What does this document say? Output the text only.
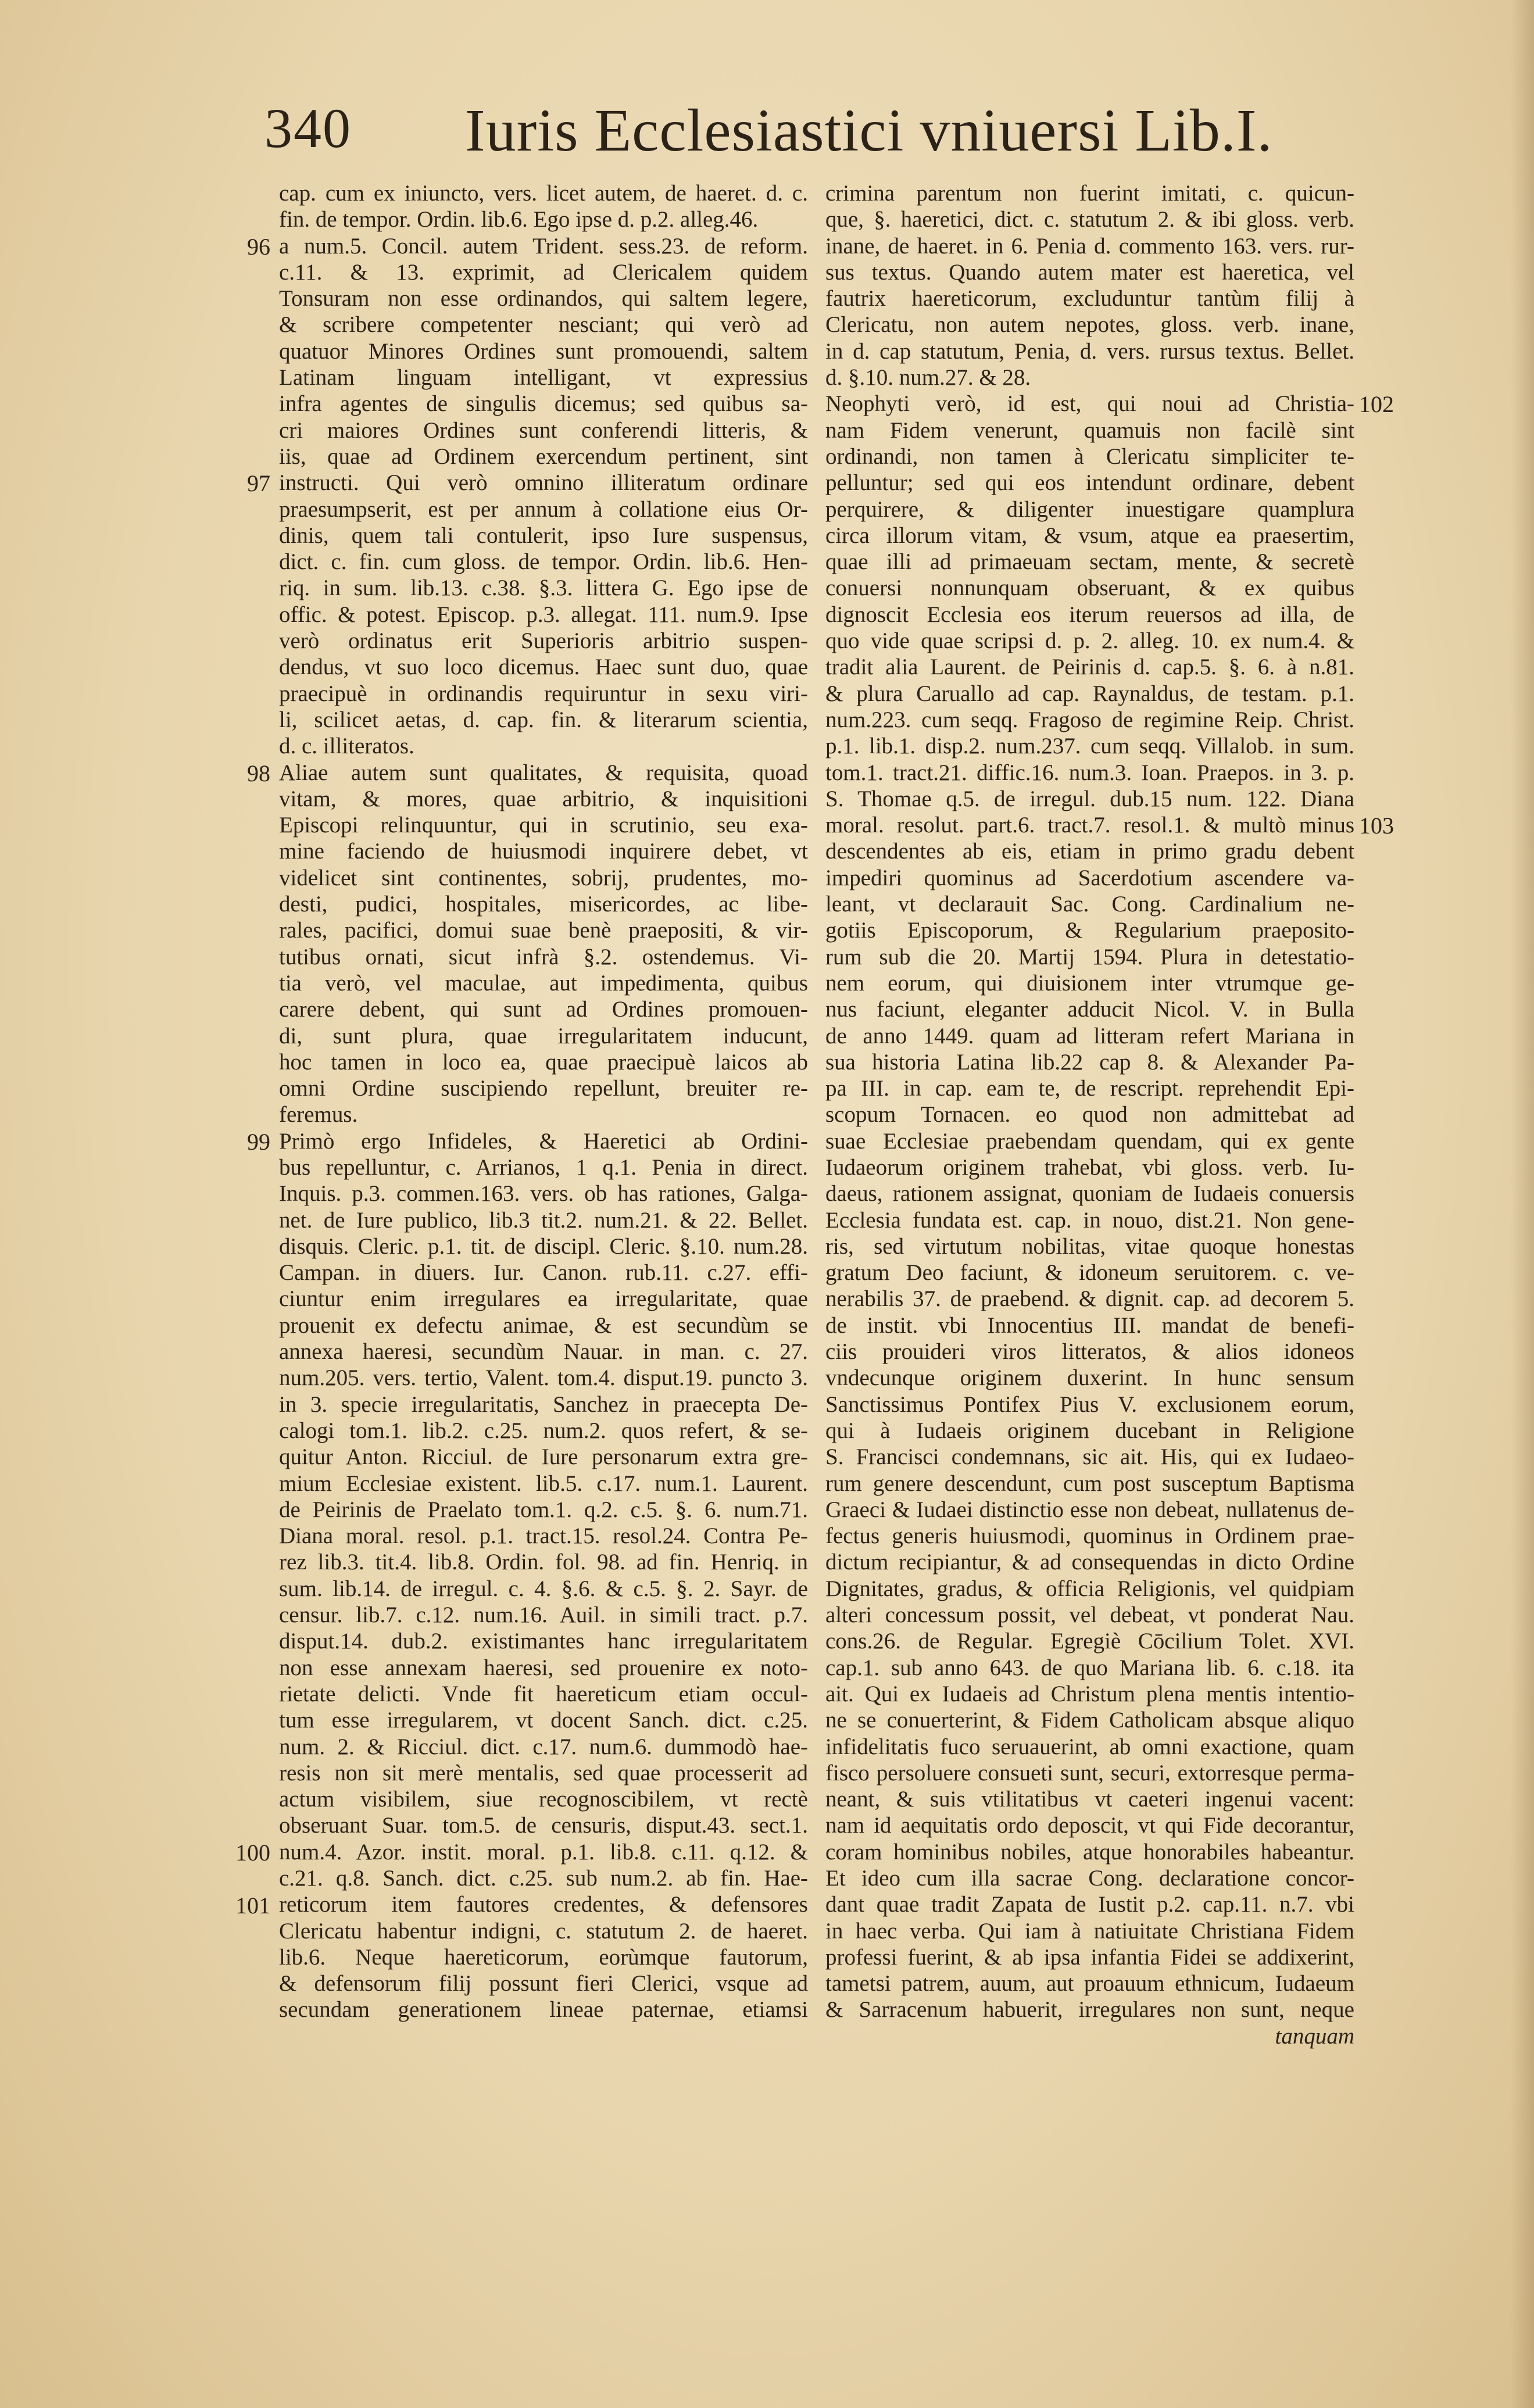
340 Iuris Ecclesiastici vniuersi Lib.I.
cap. cum ex iniuncto, vers. licet autem, de haeret. d. c.
fin. de tempor. Ordin. lib.6. Ego ipse d. p.2. alleg.46.
a num.5. Concil. autem Trident. sess.23. de reform.
c.11. & 13. exprimit, ad Clericalem quidem
Tonsuram non esse ordinandos, qui saltem legere,
& scribere competenter nesciant; qui verò ad
quatuor Minores Ordines sunt promouendi, saltem
Latinam linguam intelligant, vt expressius
infra agentes de singulis dicemus; sed quibus sa-
cri maiores Ordines sunt conferendi litteris, &
iis, quae ad Ordinem exercendum pertinent, sint
instructi. Qui verò omnino illiteratum ordinare
praesumpserit, est per annum à collatione eius Or-
dinis, quem tali contulerit, ipso Iure suspensus,
dict. c. fin. cum gloss. de tempor. Ordin. lib.6. Hen-
riq. in sum. lib.13. c.38. §.3. littera G. Ego ipse de
offic. & potest. Episcop. p.3. allegat. 111. num.9. Ipse
verò ordinatus erit Superioris arbitrio suspen-
dendus, vt suo loco dicemus. Haec sunt duo, quae
praecipuè in ordinandis requiruntur in sexu viri-
li, scilicet aetas, d. cap. fin. & literarum scientia,
d. c. illiteratos.
Aliae autem sunt qualitates, & requisita, quoad
vitam, & mores, quae arbitrio, & inquisitioni
Episcopi relinquuntur, qui in scrutinio, seu exa-
mine faciendo de huiusmodi inquirere debet, vt
videlicet sint continentes, sobrij, prudentes, mo-
desti, pudici, hospitales, misericordes, ac libe-
rales, pacifici, domui suae benè praepositi, & vir-
tutibus ornati, sicut infrà §.2. ostendemus. Vi-
tia verò, vel maculae, aut impedimenta, quibus
carere debent, qui sunt ad Ordines promouen-
di, sunt plura, quae irregularitatem inducunt,
hoc tamen in loco ea, quae praecipuè laicos ab
omni Ordine suscipiendo repellunt, breuiter re-
feremus.
Primò ergo Infideles, & Haeretici ab Ordini-
bus repelluntur, c. Arrianos, 1 q.1. Penia in direct.
Inquis. p.3. commen.163. vers. ob has rationes, Galga-
net. de Iure publico, lib.3 tit.2. num.21. & 22. Bellet.
disquis. Cleric. p.1. tit. de discipl. Cleric. §.10. num.28.
Campan. in diuers. Iur. Canon. rub.11. c.27. effi-
ciuntur enim irregulares ea irregularitate, quae
prouenit ex defectu animae, & est secundùm se
annexa haeresi, secundùm Nauar. in man. c. 27.
num.205. vers. tertio, Valent. tom.4. disput.19. puncto 3.
in 3. specie irregularitatis, Sanchez in praecepta De-
calogi tom.1. lib.2. c.25. num.2. quos refert, & se-
quitur Anton. Ricciul. de Iure personarum extra gre-
mium Ecclesiae existent. lib.5. c.17. num.1. Laurent.
de Peirinis de Praelato tom.1. q.2. c.5. §. 6. num.71.
Diana moral. resol. p.1. tract.15. resol.24. Contra Pe-
rez lib.3. tit.4. lib.8. Ordin. fol. 98. ad fin. Henriq. in
sum. lib.14. de irregul. c. 4. §.6. & c.5. §. 2. Sayr. de
censur. lib.7. c.12. num.16. Auil. in simili tract. p.7.
disput.14. dub.2. existimantes hanc irregularitatem
non esse annexam haeresi, sed prouenire ex noto-
rietate delicti. Vnde fit haereticum etiam occul-
tum esse irregularem, vt docent Sanch. dict. c.25.
num. 2. & Ricciul. dict. c.17. num.6. dummodò hae-
resis non sit merè mentalis, sed quae processerit ad
actum visibilem, siue recognoscibilem, vt rectè
obseruant Suar. tom.5. de censuris, disput.43. sect.1.
num.4. Azor. instit. moral. p.1. lib.8. c.11. q.12. &
c.21. q.8. Sanch. dict. c.25. sub num.2. ab fin. Hae-
reticorum item fautores credentes, & defensores
Clericatu habentur indigni, c. statutum 2. de haeret.
lib.6. Neque haereticorum, eorùmque fautorum,
& defensorum filij possunt fieri Clerici, vsque ad
secundam generationem lineae paternae, etiamsi
crimina parentum non fuerint imitati, c. quicun-
que, §. haeretici, dict. c. statutum 2. & ibi gloss. verb.
inane, de haeret. in 6. Penia d. commento 163. vers. rur-
sus textus. Quando autem mater est haeretica, vel
fautrix haereticorum, excluduntur tantùm filij à
Clericatu, non autem nepotes, gloss. verb. inane,
in d. cap statutum, Penia, d. vers. rursus textus. Bellet.
d. §.10. num.27. & 28.
Neophyti verò, id est, qui noui ad Christia-
nam Fidem venerunt, quamuis non facilè sint
ordinandi, non tamen à Clericatu simpliciter te-
pelluntur; sed qui eos intendunt ordinare, debent
perquirere, & diligenter inuestigare quamplura
circa illorum vitam, & vsum, atque ea praesertim,
quae illi ad primaeuam sectam, mente, & secretè
conuersi nonnunquam obseruant, & ex quibus
dignoscit Ecclesia eos iterum reuersos ad illa, de
quo vide quae scripsi d. p. 2. alleg. 10. ex num.4. &
tradit alia Laurent. de Peirinis d. cap.5. §. 6. à n.81.
& plura Caruallo ad cap. Raynaldus, de testam. p.1.
num.223. cum seqq. Fragoso de regimine Reip. Christ.
p.1. lib.1. disp.2. num.237. cum seqq. Villalob. in sum.
tom.1. tract.21. diffic.16. num.3. Ioan. Praepos. in 3. p.
S. Thomae q.5. de irregul. dub.15 num. 122. Diana
moral. resolut. part.6. tract.7. resol.1. & multò minus
descendentes ab eis, etiam in primo gradu debent
impediri quominus ad Sacerdotium ascendere va-
leant, vt declarauit Sac. Cong. Cardinalium ne-
gotiis Episcoporum, & Regularium praeposito-
rum sub die 20. Martij 1594. Plura in detestatio-
nem eorum, qui diuisionem inter vtrumque ge-
nus faciunt, eleganter adducit Nicol. V. in Bulla
de anno 1449. quam ad litteram refert Mariana in
sua historia Latina lib.22 cap 8. & Alexander Pa-
pa III. in cap. eam te, de rescript. reprehendit Epi-
scopum Tornacen. eo quod non admittebat ad
suae Ecclesiae praebendam quendam, qui ex gente
Iudaeorum originem trahebat, vbi gloss. verb. Iu-
daeus, rationem assignat, quoniam de Iudaeis conuersis
Ecclesia fundata est. cap. in nouo, dist.21. Non gene-
ris, sed virtutum nobilitas, vitae quoque honestas
gratum Deo faciunt, & idoneum seruitorem. c. ve-
nerabilis 37. de praebend. & dignit. cap. ad decorem 5.
de instit. vbi Innocentius III. mandat de benefi-
ciis prouideri viros litteratos, & alios idoneos
vndecunque originem duxerint. In hunc sensum
Sanctissimus Pontifex Pius V. exclusionem eorum,
qui à Iudaeis originem ducebant in Religione
S. Francisci condemnans, sic ait. His, qui ex Iudaeo-
rum genere descendunt, cum post susceptum Baptisma
Graeci & Iudaei distinctio esse non debeat, nullatenus de-
fectus generis huiusmodi, quominus in Ordinem prae-
dictum recipiantur, & ad consequendas in dicto Ordine
Dignitates, gradus, & officia Religionis, vel quidpiam
alteri concessum possit, vel debeat, vt ponderat Nau.
cons.26. de Regular. Egregiè Cōcilium Tolet. XVI.
cap.1. sub anno 643. de quo Mariana lib. 6. c.18. ita
ait. Qui ex Iudaeis ad Christum plena mentis intentio-
ne se conuerterint, & Fidem Catholicam absque aliquo
infidelitatis fuco seruauerint, ab omni exactione, quam
fisco persoluere consueti sunt, securi, extorresque perma-
neant, & suis vtilitatibus vt caeteri ingenui vacent:
nam id aequitatis ordo deposcit, vt qui Fide decorantur,
coram hominibus nobiles, atque honorabiles habeantur.
Et ideo cum illa sacrae Cong. declaratione concor-
dant quae tradit Zapata de Iustit p.2. cap.11. n.7. vbi
in haec verba. Qui iam à natiuitate Christiana Fidem
professi fuerint, & ab ipsa infantia Fidei se addixerint,
tametsi patrem, auum, aut proauum ethnicum, Iudaeum
& Sarracenum habuerit, irregulares non sunt, neque
tanquam
96
97
98
99
100
101
102
103
